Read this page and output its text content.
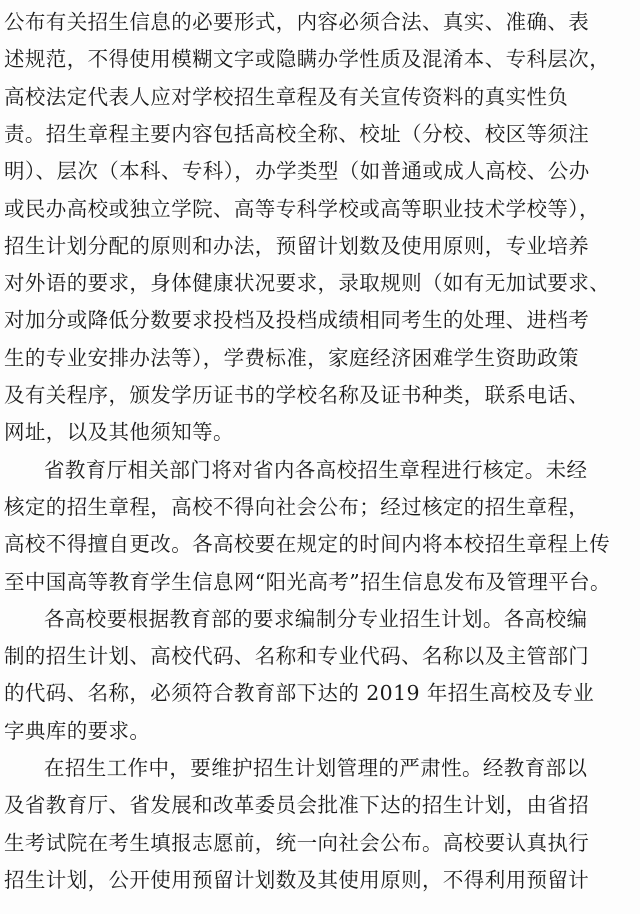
公布有关招生信息的必要形式，内容必须合法、真实、准确、表
述规范，不得使用模糊文字或隐瞒办学性质及混淆本、专科层次，
高校法定代表人应对学校招生章程及有关宣传资料的真实性负
责。招生章程主要内容包括高校全称、校址（分校、校区等须注
明）、层次（本科、专科），办学类型（如普通或成人高校、公办
或民办高校或独立学院、高等专科学校或高等职业技术学校等），
招生计划分配的原则和办法，预留计划数及使用原则，专业培养
对外语的要求，身体健康状况要求，录取规则（如有无加试要求、
对加分或降低分数要求投档及投档成绩相同考生的处理、进档考
生的专业安排办法等），学费标准，家庭经济困难学生资助政策
及有关程序，颁发学历证书的学校名称及证书种类，联系电话、
网址，以及其他须知等。
省教育厅相关部门将对省内各高校招生章程进行核定。未经
核定的招生章程，高校不得向社会公布；经过核定的招生章程，
高校不得擅自更改。各高校要在规定的时间内将本校招生章程上传
至中国高等教育学生信息网“阳光高考”招生信息发布及管理平台。
各高校要根据教育部的要求编制分专业招生计划。各高校编
制的招生计划、高校代码、名称和专业代码、名称以及主管部门
的代码、名称，必须符合教育部下达的 2019 年招生高校及专业
字典库的要求。
在招生工作中，要维护招生计划管理的严肃性。经教育部以
及省教育厅、省发展和改革委员会批准下达的招生计划，由省招
生考试院在考生填报志愿前，统一向社会公布。高校要认真执行
招生计划，公开使用预留计划数及其使用原则，不得利用预留计
